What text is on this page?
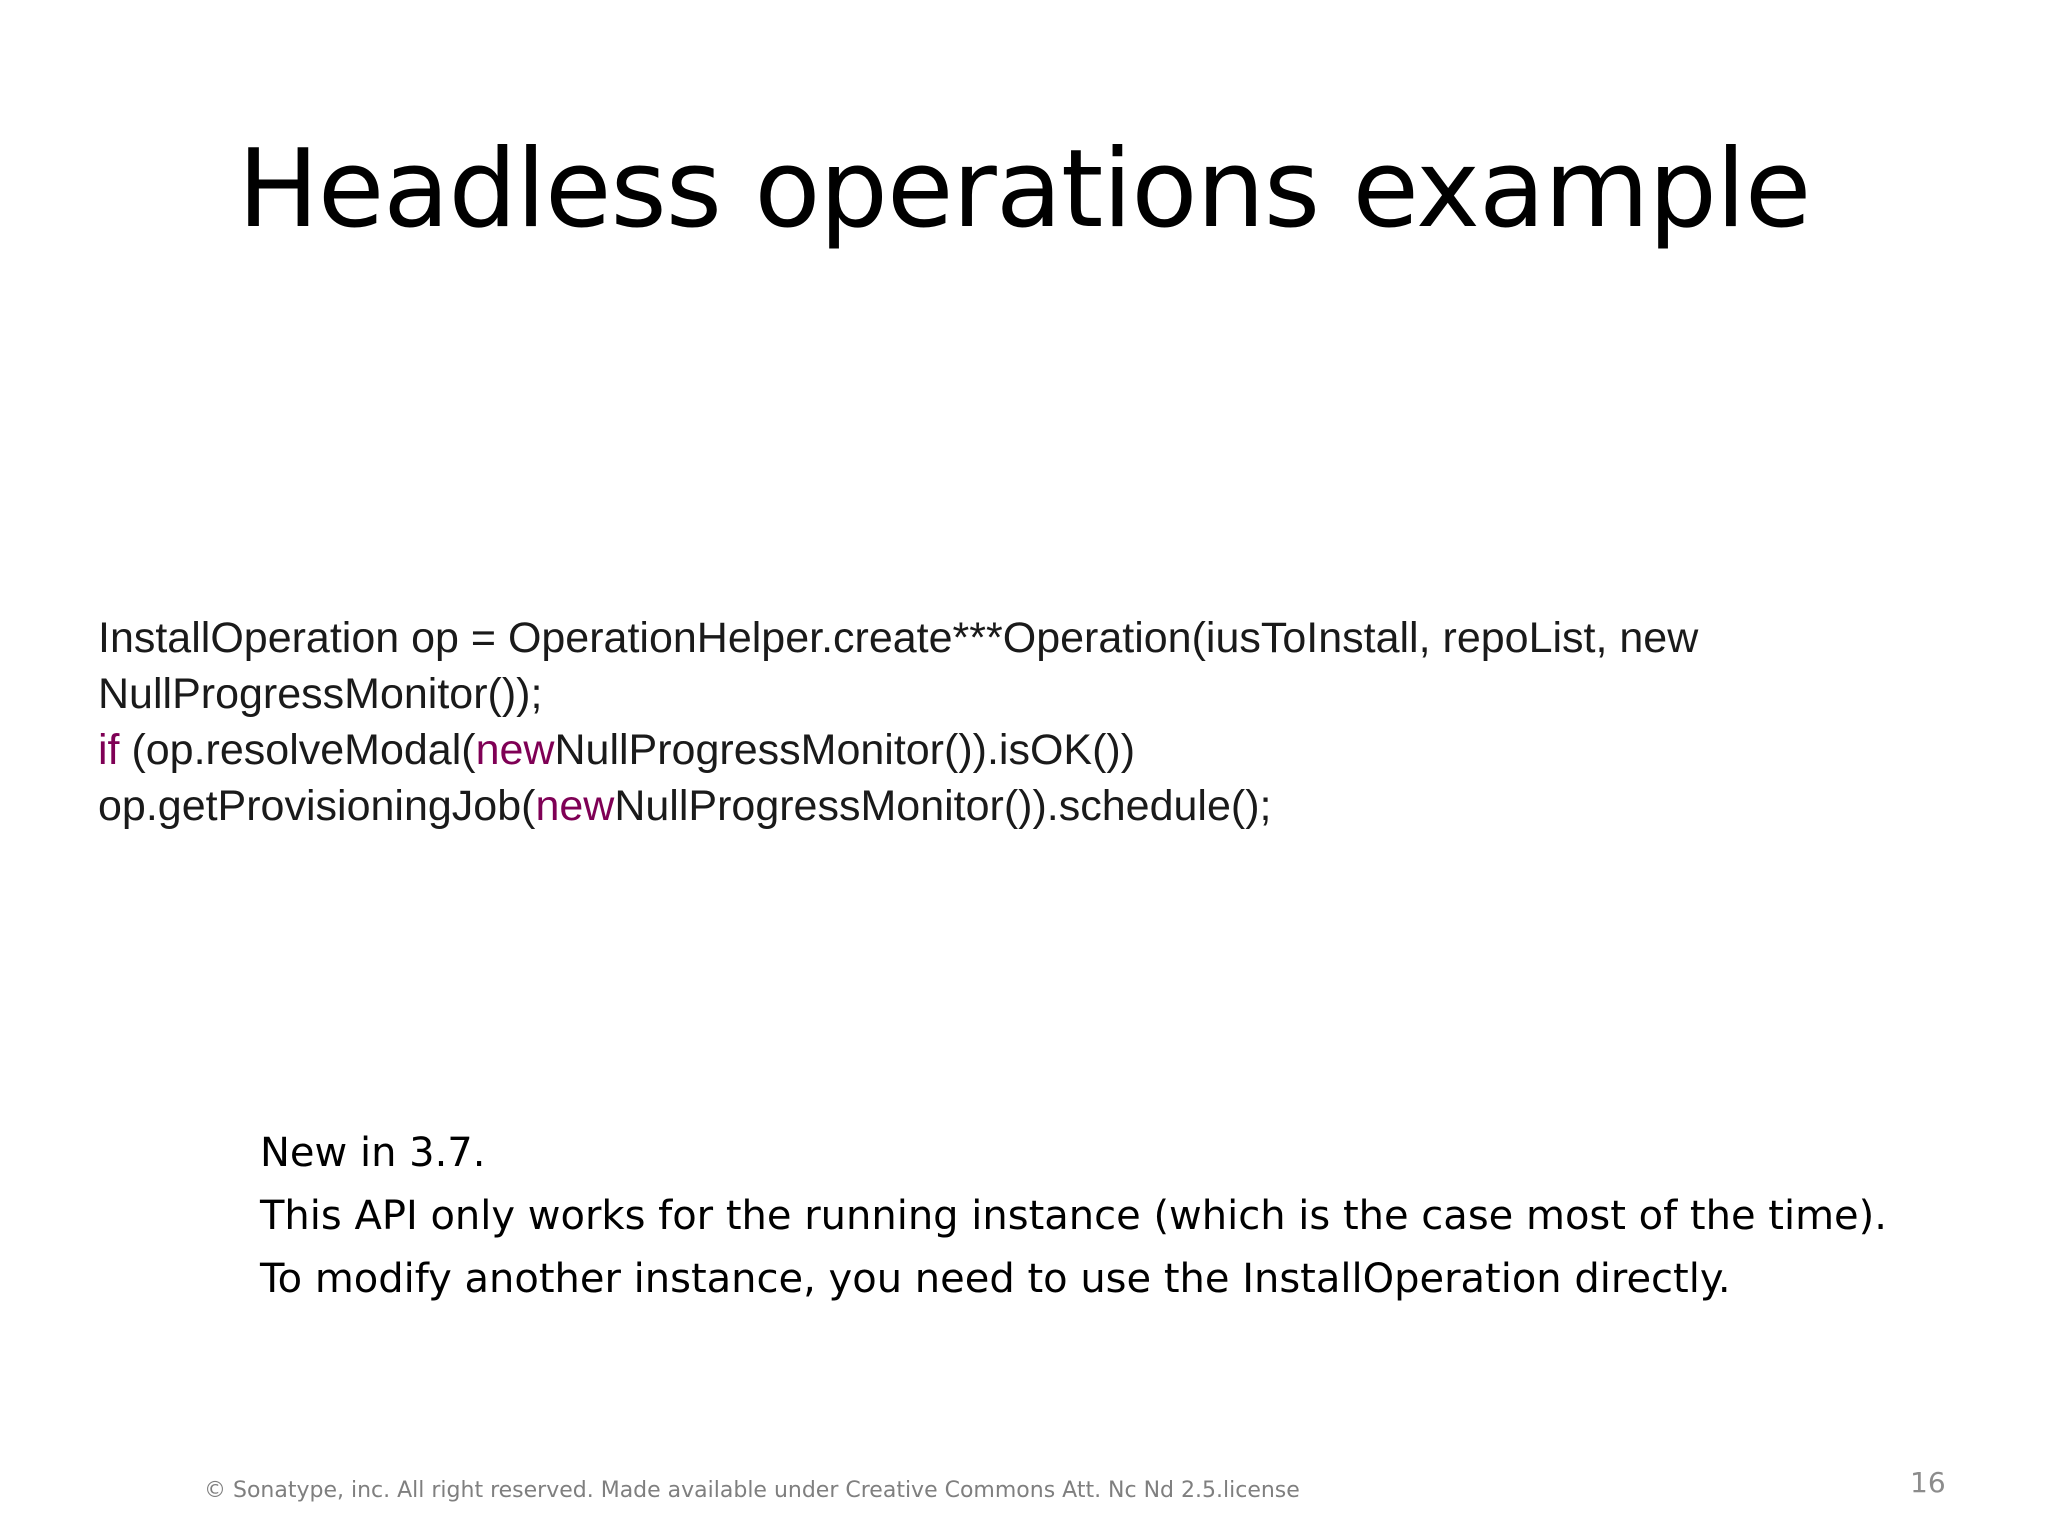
Headless operations example
InstallOperation op = OperationHelper.create***Operation(iusToInstall, repoList, new
NullProgressMonitor());
if (op.resolveModal(newNullProgressMonitor()).isOK())
op.getProvisioningJob(newNullProgressMonitor()).schedule();
New in 3.7.
This API only works for the running instance (which is the case most of the time).
To modify another instance, you need to use the InstallOperation directly.
© Sonatype, inc. All right reserved. Made available under Creative Commons Att. Nc Nd 2.5.license	16
